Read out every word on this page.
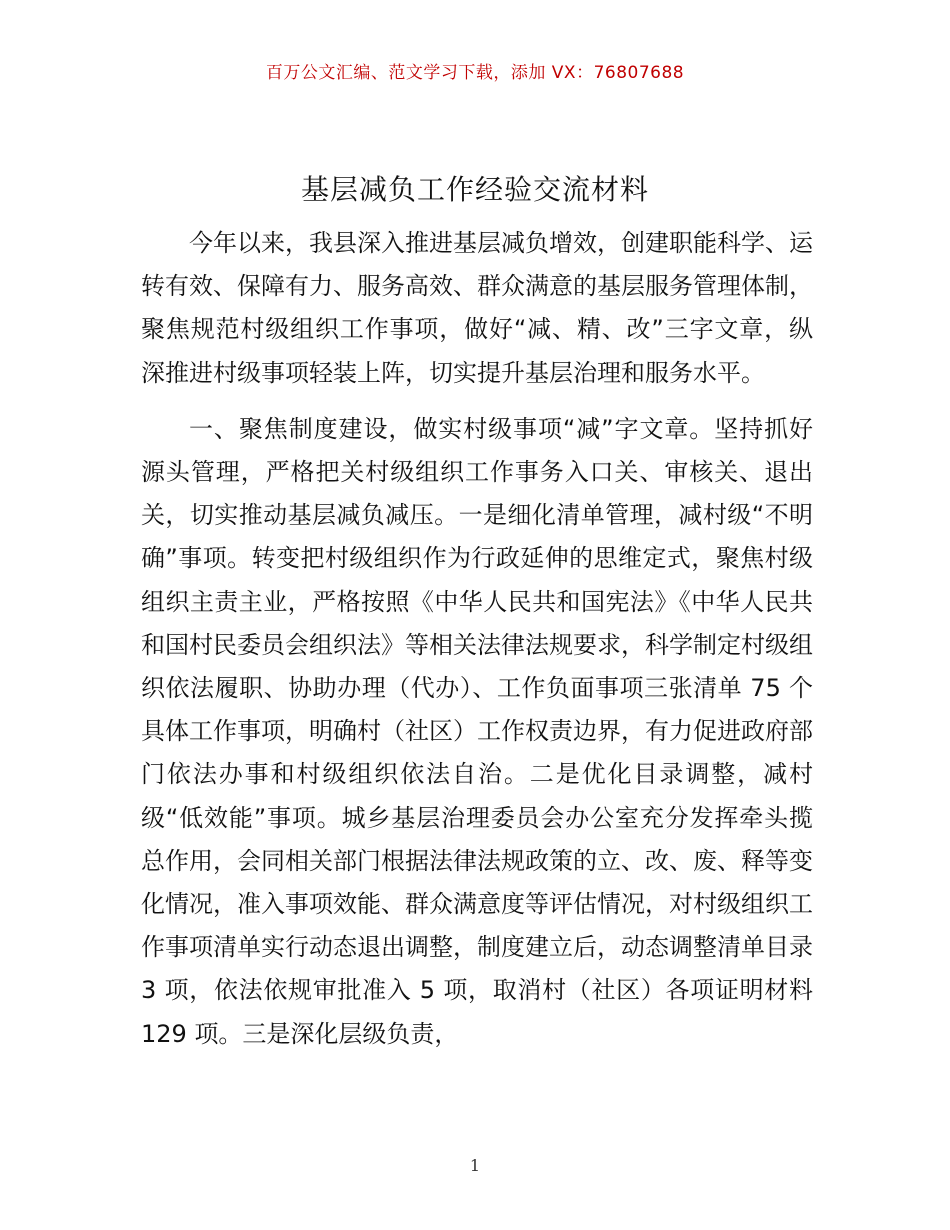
百万公文汇编、范文学习下载，添加 VX：76807688
基层减负工作经验交流材料

今年以来，我县深入推进基层减负增效，创建职能科学、运转有效、保障有力、服务高效、群众满意的基层服务管理体制，聚焦规范村级组织工作事项，做好“减、精、改”三字文章，纵深推进村级事项轻装上阵，切实提升基层治理和服务水平。

一、聚焦制度建设，做实村级事项“减”字文章。坚持抓好源头管理，严格把关村级组织工作事务入口关、审核关、退出关，切实推动基层减负减压。一是细化清单管理，减村级“不明确”事项。转变把村级组织作为行政延伸的思维定式，聚焦村级组织主责主业，严格按照《中华人民共和国宪法》《中华人民共和国村民委员会组织法》等相关法律法规要求，科学制定村级组织依法履职、协助办理（代办）、工作负面事项三张清单 75 个具体工作事项，明确村（社区）工作权责边界，有力促进政府部门依法办事和村级组织依法自治。二是优化目录调整，减村级“低效能”事项。城乡基层治理委员会办公室充分发挥牵头揽总作用，会同相关部门根据法律法规政策的立、改、废、释等变化情况，准入事项效能、群众满意度等评估情况，对村级组织工作事项清单实行动态退出调整，制度建立后，动态调整清单目录 3 项，依法依规审批准入 5 项，取消村（社区）各项证明材料 129 项。三是深化层级负责，

1
